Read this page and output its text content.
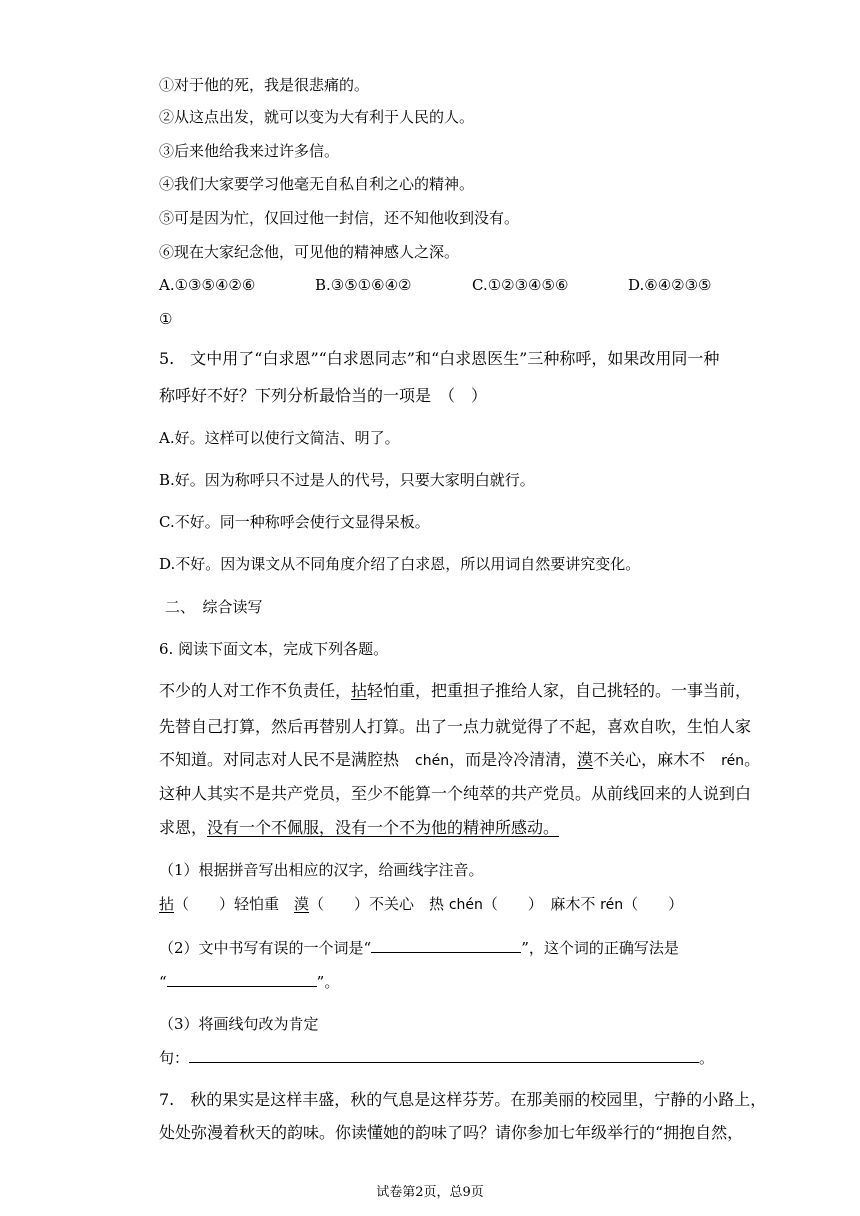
①对于他的死，我是很悲痛的。
②从这点出发，就可以变为大有利于人民的人。
③后来他给我来过许多信。
④我们大家要学习他毫无自私自利之心的精神。
⑤可是因为忙，仅回过他一封信，还不知他收到没有。
⑥现在大家纪念他，可见他的精神感人之深。
A.①③⑤④②⑥	B.③⑤①⑥④②	C.①②③④⑤⑥	D.⑥④②③⑤
①
5.　文中用了“白求恩”“白求恩同志”和“白求恩医生”三种称呼，如果改用同一种
称呼好不好？下列分析最恰当的一项是　（　）
A.好。这样可以使行文简洁、明了。
B.好。因为称呼只不过是人的代号，只要大家明白就行。
C.不好。同一种称呼会使行文显得呆板。
D.不好。因为课文从不同角度介绍了白求恩，所以用词自然要讲究变化。
二、　综合读写
6. 阅读下面文本，完成下列各题。
不少的人对工作不负责任，拈轻怕重，把重担子推给人家，自己挑轻的。一事当前，
先替自己打算，然后再替别人打算。出了一点力就觉得了不起，喜欢自吹，生怕人家
不知道。对同志对人民不是满腔热　chén，而是冷冷清清，漠不关心，麻木不　rén。
这种人其实不是共产党员，至少不能算一个纯萃的共产党员。从前线回来的人说到白
求恩，没有一个不佩服，没有一个不为他的精神所感动。
（1）根据拼音写出相应的汉字，给画线字注音。
拈（　　）轻怕重　漠（　　）不关心　热 chén（　　）　麻木不 rén（　　）
（2）文中书写有误的一个词是“	”，这个词的正确写法是
“	”。
（3）将画线句改为肯定
句：	。
7.　秋的果实是这样丰盛，秋的气息是这样芬芳。在那美丽的校园里，宁静的小路上，
处处弥漫着秋天的韵味。你读懂她的韵味了吗？请你参加七年级举行的“拥抱自然，
试卷第2页，总9页
